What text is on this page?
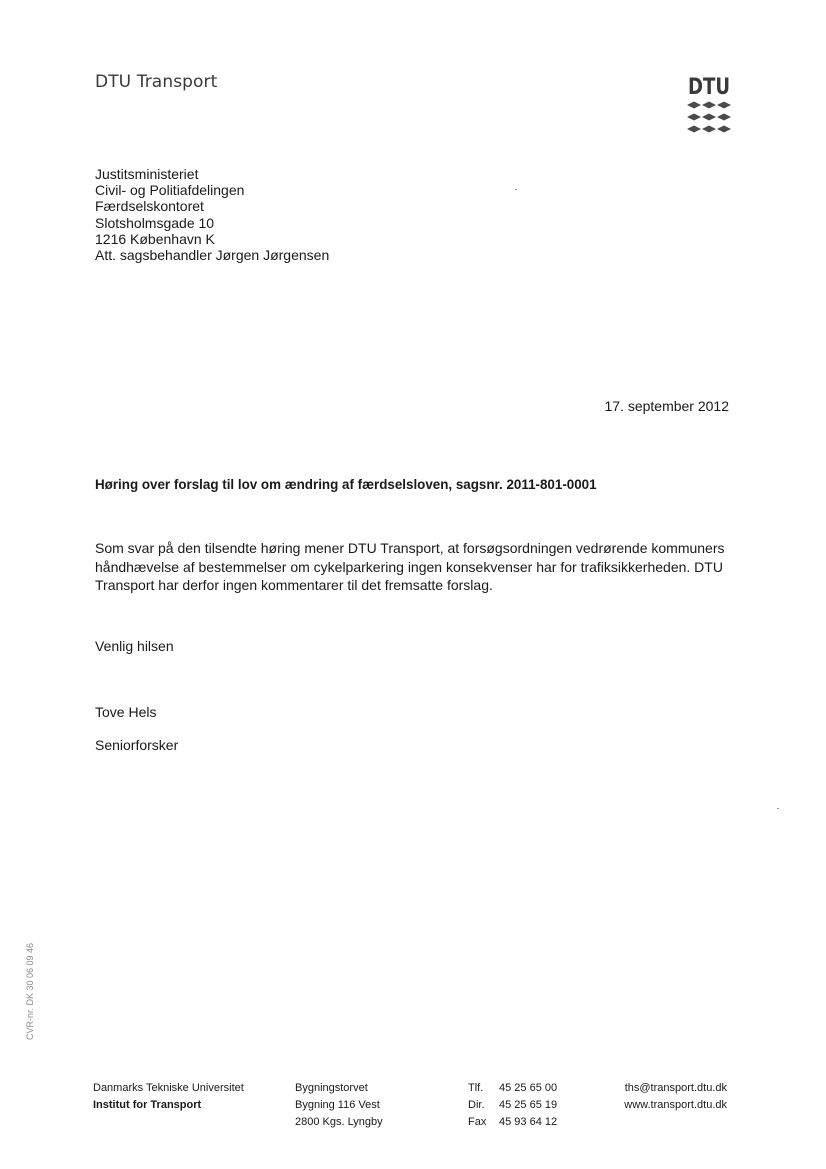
DTU Transport	DTU
Justitsministeriet
Civil- og Politiafdelingen
Færdselskontoret
Slotsholmsgade 10
1216 København K
Att. sagsbehandler Jørgen Jørgensen
17. september 2012
Høring over forslag til lov om ændring af færdselsloven, sagsnr. 2011-801-0001
Som svar på den tilsendte høring mener DTU Transport, at forsøgsordningen vedrørende kommuners håndhævelse af bestemmelser om cykelparkering ingen konsekvenser har for trafiksikkerheden. DTU Transport har derfor ingen kommentarer til det fremsatte forslag.
Venlig hilsen
Tove Hels
Seniorforsker
CVR-nr. DK 30 06 09 46
Danmarks Tekniske Universitet
Institut for Transport
Bygningstorvet
Bygning 116 Vest
2800 Kgs. Lyngby
Tlf. 45 25 65 00
Dir. 45 25 65 19
Fax 45 93 64 12
ths@transport.dtu.dk
www.transport.dtu.dk
